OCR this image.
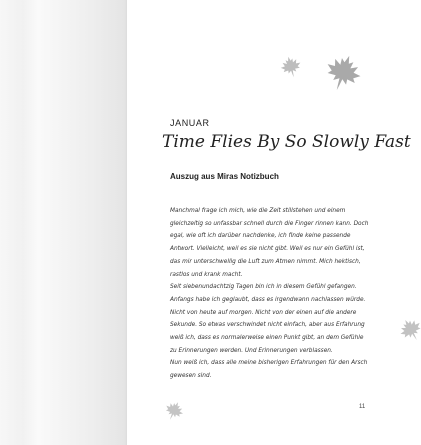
JANUAR
Time Flies By So Slowly Fast
Auszug aus Miras Notizbuch

Manchmal frage ich mich, wie die Zeit stillstehen und einem gleichzeitig so unfassbar schnell durch die Finger rinnen kann. Doch egal, wie oft ich darüber nachdenke, ich finde keine passende Antwort. Vielleicht, weil es sie nicht gibt. Weil es nur ein Gefühl ist, das mir unterschwellig die Luft zum Atmen nimmt. Mich hektisch, rastlos und krank macht.

Seit siebenundachtzig Tagen bin ich in diesem Gefühl gefangen. Anfangs habe ich geglaubt, dass es irgendwann nachlassen würde. Nicht von heute auf morgen. Nicht von der einen auf die andere Sekunde. So etwas verschwindet nicht einfach, aber aus Erfahrung weiß ich, dass es normalerweise einen Punkt gibt, an dem Gefühle zu Erinnerungen werden. Und Erinnerungen verblassen.

Nun weiß ich, dass alle meine bisherigen Erfahrungen für den Arsch gewesen sind.

11
